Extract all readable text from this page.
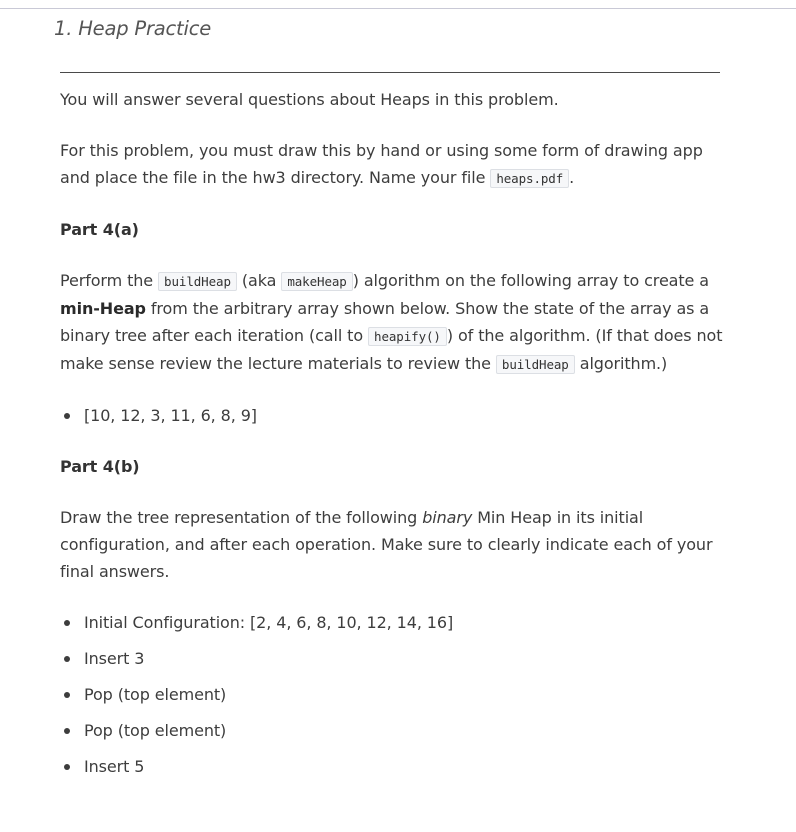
1. Heap Practice

You will answer several questions about Heaps in this problem.

For this problem, you must draw this by hand or using some form of drawing app and place the file in the hw3 directory. Name your file heaps.pdf .

Part 4(a)

Perform the buildHeap (aka makeHeap ) algorithm on the following array to create a min-Heap from the arbitrary array shown below. Show the state of the array as a binary tree after each iteration (call to heapify() ) of the algorithm. (If that does not make sense review the lecture materials to review the buildHeap algorithm.)

[10, 12, 3, 11, 6, 8, 9]

Part 4(b)

Draw the tree representation of the following binary Min Heap in its initial configuration, and after each operation. Make sure to clearly indicate each of your final answers.

Initial Configuration: [2, 4, 6, 8, 10, 12, 14, 16]
Insert 3
Pop (top element)
Pop (top element)
Insert 5
